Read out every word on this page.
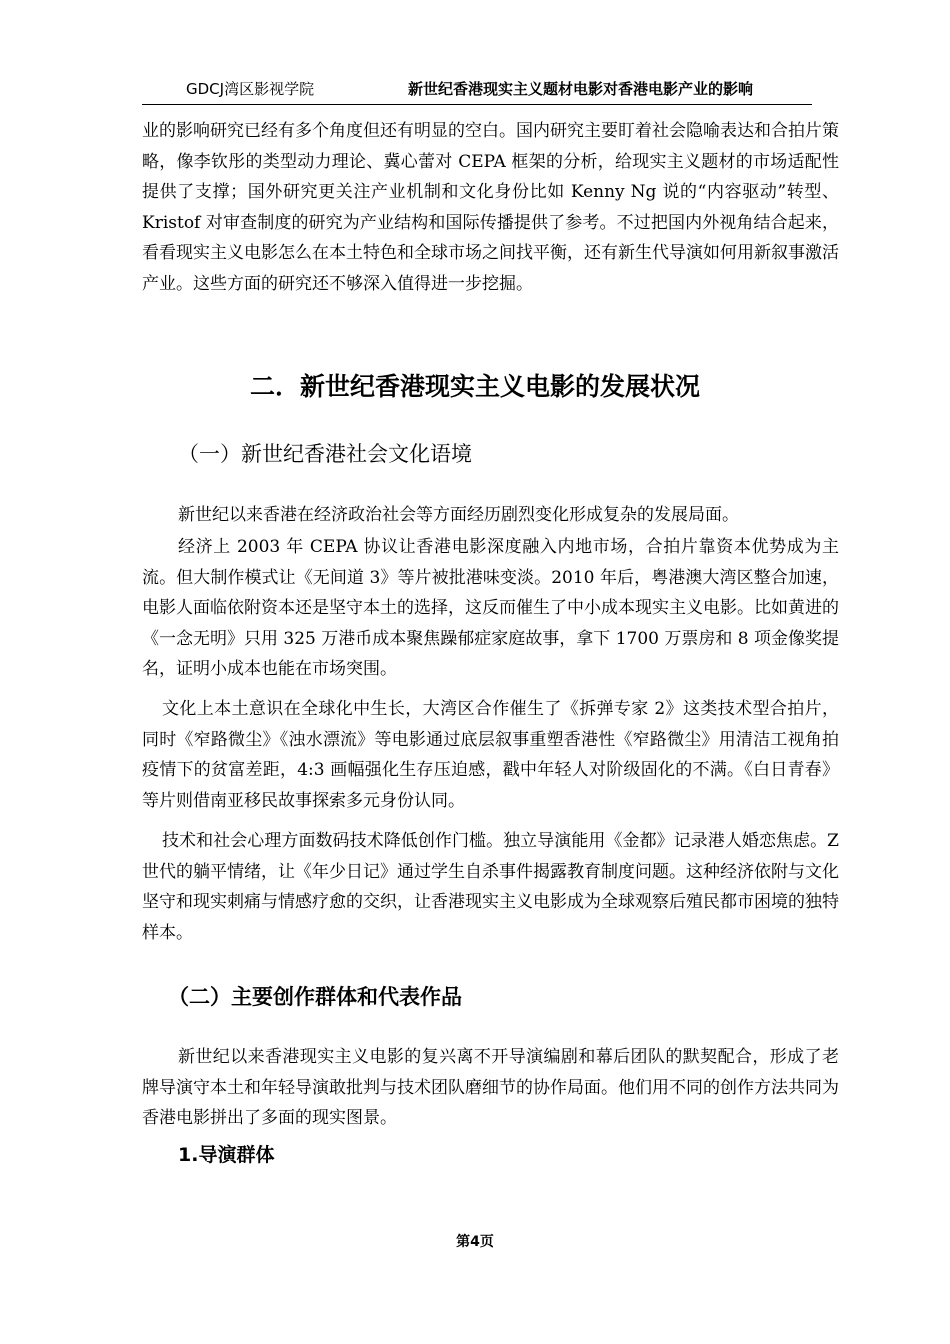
GDCJ湾区影视学院	新世纪香港现实主义题材电影对香港电影产业的影响
业的影响研究已经有多个角度但还有明显的空白。国内研究主要盯着社会隐喻表达和合拍片策略，像李钦彤的类型动力理论、冀心蕾对 CEPA 框架的分析，给现实主义题材的市场适配性提供了支撑；国外研究更关注产业机制和文化身份比如 Kenny Ng 说的“内容驱动”转型、Kristof 对审查制度的研究为产业结构和国际传播提供了参考。不过把国内外视角结合起来，看看现实主义电影怎么在本土特色和全球市场之间找平衡，还有新生代导演如何用新叙事激活产业。这些方面的研究还不够深入值得进一步挖掘。
二．新世纪香港现实主义电影的发展状况
（一）新世纪香港社会文化语境
新世纪以来香港在经济政治社会等方面经历剧烈变化形成复杂的发展局面。
经济上 2003 年 CEPA 协议让香港电影深度融入内地市场，合拍片靠资本优势成为主流。但大制作模式让《无间道 3》等片被批港味变淡。2010 年后，粤港澳大湾区整合加速，电影人面临依附资本还是坚守本土的选择，这反而催生了中小成本现实主义电影。比如黄进的《一念无明》只用 325 万港币成本聚焦躁郁症家庭故事，拿下 1700 万票房和 8 项金像奖提名，证明小成本也能在市场突围。
文化上本土意识在全球化中生长，大湾区合作催生了《拆弹专家 2》这类技术型合拍片，同时《窄路微尘》《浊水漂流》等电影通过底层叙事重塑香港性《窄路微尘》用清洁工视角拍疫情下的贫富差距，4:3 画幅强化生存压迫感，戳中年轻人对阶级固化的不满。《白日青春》等片则借南亚移民故事探索多元身份认同。
技术和社会心理方面数码技术降低创作门槛。独立导演能用《金都》记录港人婚恋焦虑。Z 世代的躺平情绪，让《年少日记》通过学生自杀事件揭露教育制度问题。这种经济依附与文化坚守和现实刺痛与情感疗愈的交织，让香港现实主义电影成为全球观察后殖民都市困境的独特样本。
（二）主要创作群体和代表作品
新世纪以来香港现实主义电影的复兴离不开导演编剧和幕后团队的默契配合，形成了老牌导演守本土和年轻导演敢批判与技术团队磨细节的协作局面。他们用不同的创作方法共同为香港电影拼出了多面的现实图景。
1.导演群体
第4页
